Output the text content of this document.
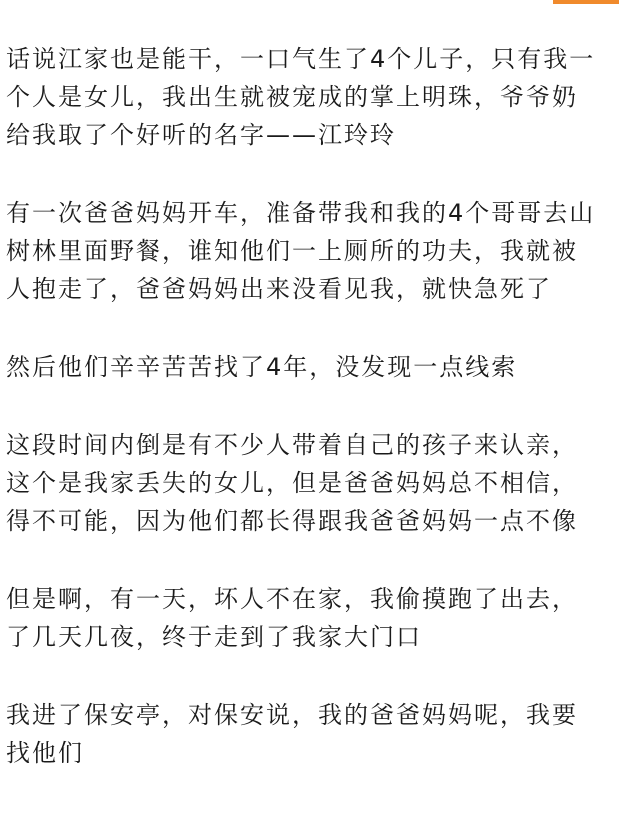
话说江家也是能干，一口气生了4个儿子，只有我一
个人是女儿，我出生就被宠成的掌上明珠，爷爷奶
给我取了个好听的名字——江玲玲
有一次爸爸妈妈开车，准备带我和我的4个哥哥去山
树林里面野餐，谁知他们一上厕所的功夫，我就被
人抱走了，爸爸妈妈出来没看见我，就快急死了
然后他们辛辛苦苦找了4年，没发现一点线索
这段时间内倒是有不少人带着自己的孩子来认亲，
这个是我家丢失的女儿，但是爸爸妈妈总不相信，
得不可能，因为他们都长得跟我爸爸妈妈一点不像
但是啊，有一天，坏人不在家，我偷摸跑了出去，
了几天几夜，终于走到了我家大门口
我进了保安亭，对保安说，我的爸爸妈妈呢，我要
找他们
